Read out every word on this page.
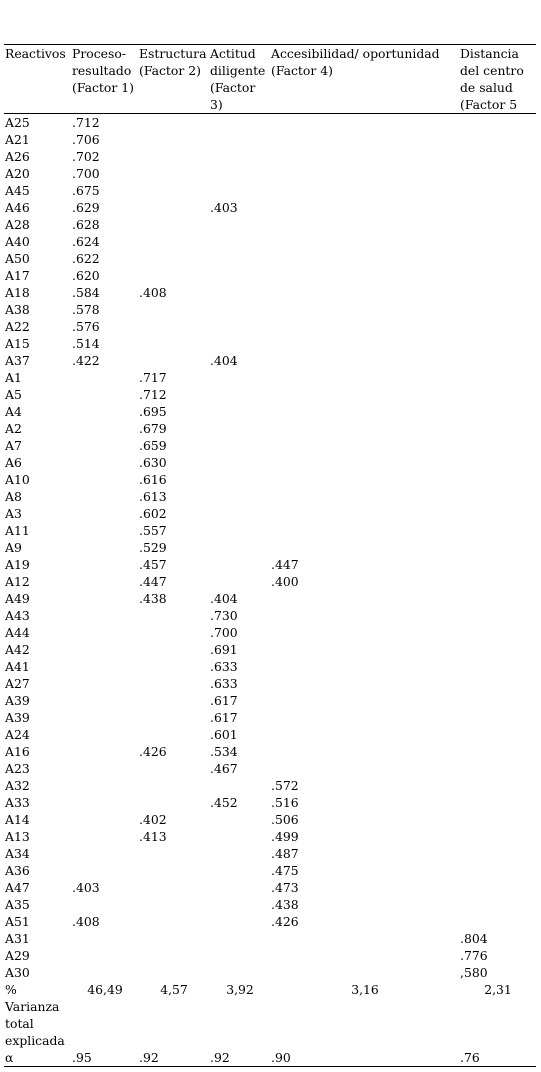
Reactivos	Proceso-resultado (Factor 1)	Estructura (Factor 2)	Actitud diligente (Factor 3)	Accesibilidad/ oportunidad (Factor 4)	Distancia del centro de salud (Factor 5
A25	.712				
A21	.706				
A26	.702				
A20	.700				
A45	.675				
A46	.629		.403		
A28	.628				
A40	.624				
A50	.622				
A17	.620				
A18	.584	.408			
A38	.578				
A22	.576				
A15	.514				
A37	.422		.404		
A1		.717			
A5		.712			
A4		.695			
A2		.679			
A7		.659			
A6		.630			
A10		.616			
A8		.613			
A3		.602			
A11		.557			
A9		.529			
A19		.457		.447	
A12		.447		.400	
A49		.438	.404		
A43			.730		
A44			.700		
A42			.691		
A41			.633		
A27			.633		
A39			.617		
A39			.617		
A24			.601		
A16		.426	.534		
A23			.467		
A32				.572	
A33			.452	.516	
A14		.402		.506	
A13		.413		.499	
A34				.487	
A36				.475	
A47	.403			.473	
A35				.438	
A51	.408			.426	
A31					.804
A29					.776
A30					,580
% Varianza total explicada	46,49	4,57	3,92	3,16	2,31
α	.95	.92	.92	.90	.76
